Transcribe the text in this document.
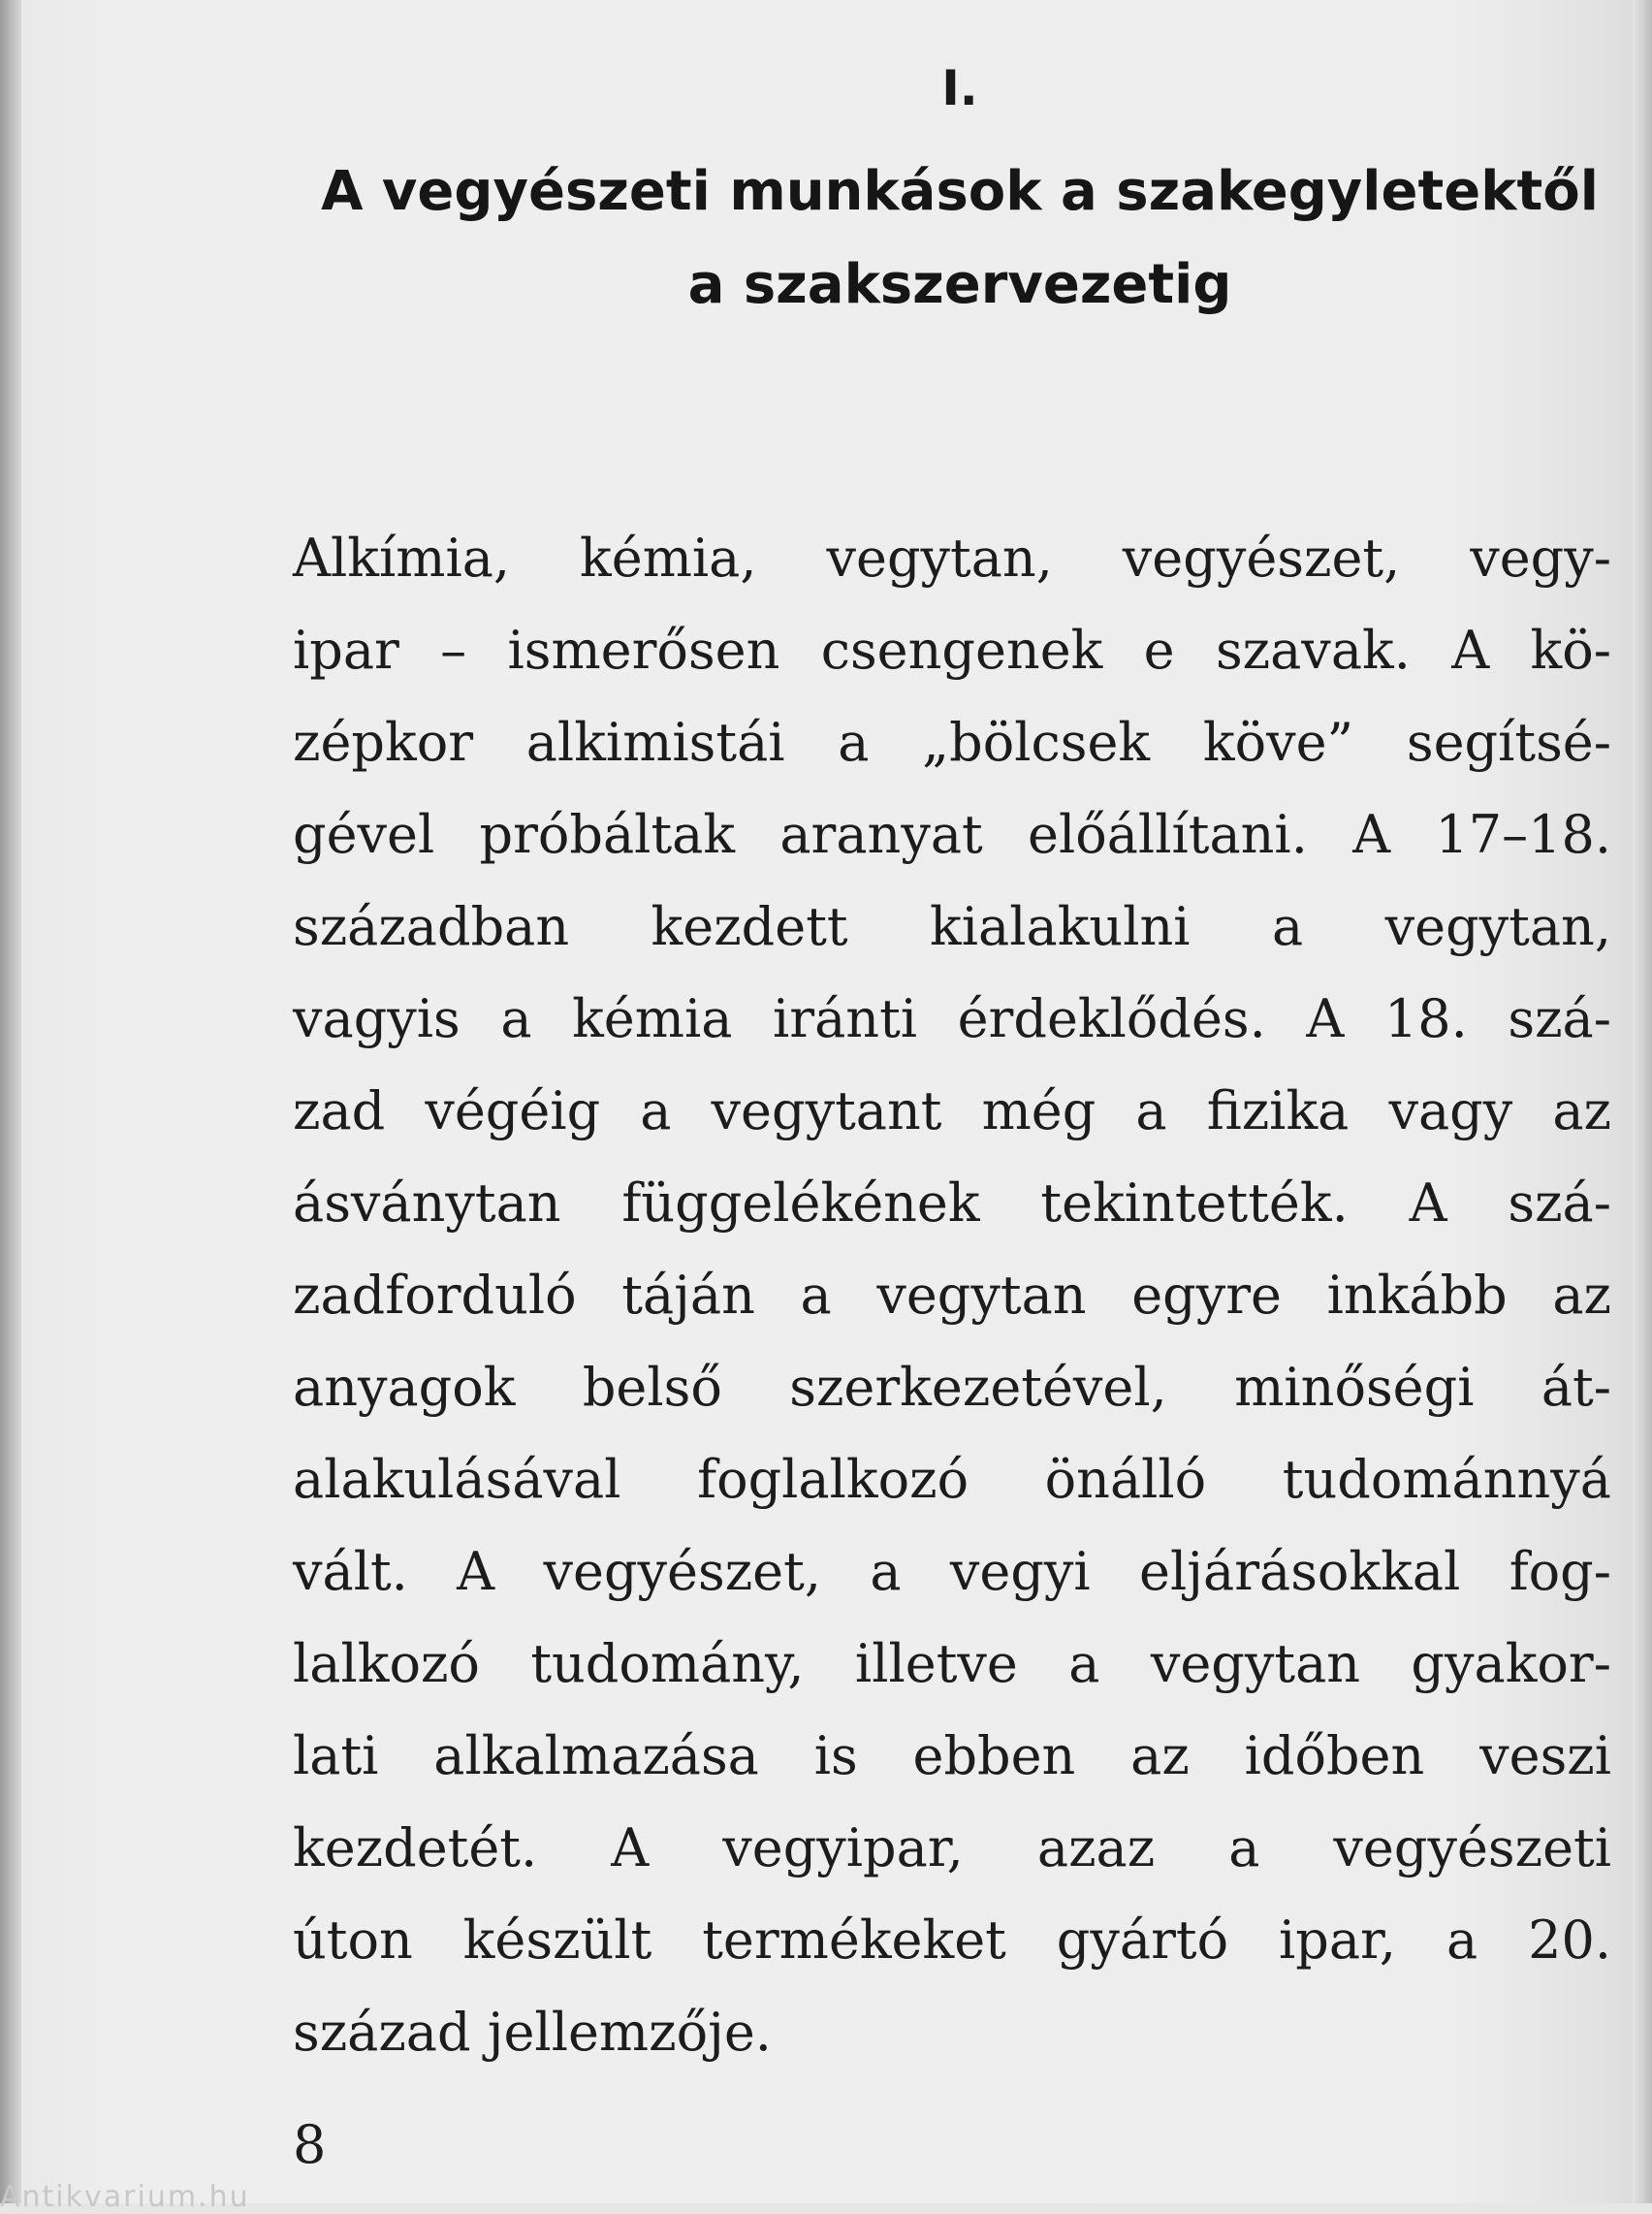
I.
A vegyészeti munkások a szakegyletektől
a szakszervezetig
Alkímia, kémia, vegytan, vegyészet, vegy-
ipar – ismerősen csengenek e szavak. A kö-
zépkor alkimistái a „bölcsek köve” segítsé-
gével próbáltak aranyat előállítani. A 17–18.
században kezdett kialakulni a vegytan,
vagyis a kémia iránti érdeklődés. A 18. szá-
zad végéig a vegytant még a fizika vagy az
ásványtan függelékének tekintették. A szá-
zadforduló táján a vegytan egyre inkább az
anyagok belső szerkezetével, minőségi át-
alakulásával foglalkozó önálló tudománnyá
vált. A vegyészet, a vegyi eljárásokkal fog-
lalkozó tudomány, illetve a vegytan gyakor-
lati alkalmazása is ebben az időben veszi
kezdetét. A vegyipar, azaz a vegyészeti
úton készült termékeket gyártó ipar, a 20.
század jellemzője.
8
Antikvarium.hu
